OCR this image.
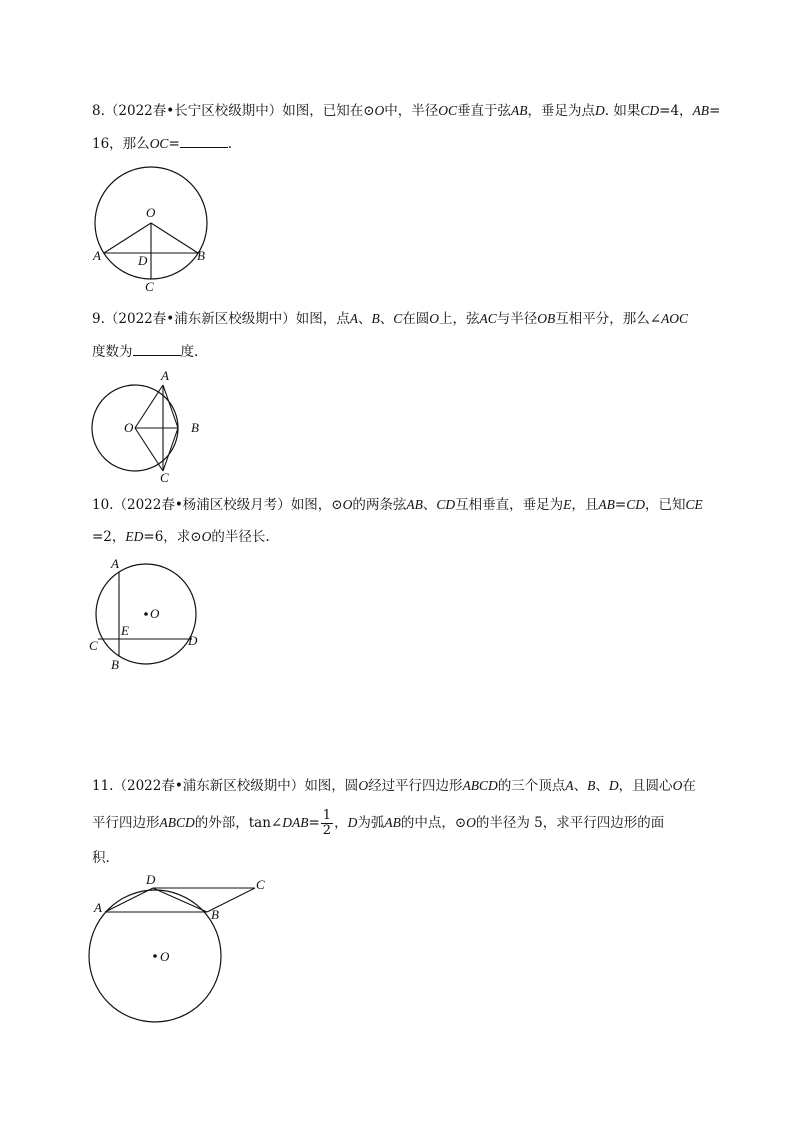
8.（2022春•长宁区校级期中）如图，已知在⊙O中，半径OC垂直于弦AB，垂足为点D. 如果CD=4，AB=
16，那么OC=	.
O
A	B
D
C
9.（2022春•浦东新区校级期中）如图，点A、B、C在圆O上，弦AC与半径OB互相平分，那么∠AOC
度数为	度.
A
O	B
C
10.（2022春•杨浦区校级月考）如图，⊙O的两条弦AB、CD互相垂直，垂足为E，且AB=CD，已知CE
=2，ED=6，求⊙O的半径长.
A
O
E
C	D
B
11.（2022春•浦东新区校级期中）如图，圆O经过平行四边形ABCD的三个顶点A、B、D，且圆心O在
平行四边形ABCD的外部，tan∠DAB= $\frac{1}{2}$ ，D为弧AB的中点，⊙O的半径为 5，求平行四边形的面
积.
D	C
A	B
O
